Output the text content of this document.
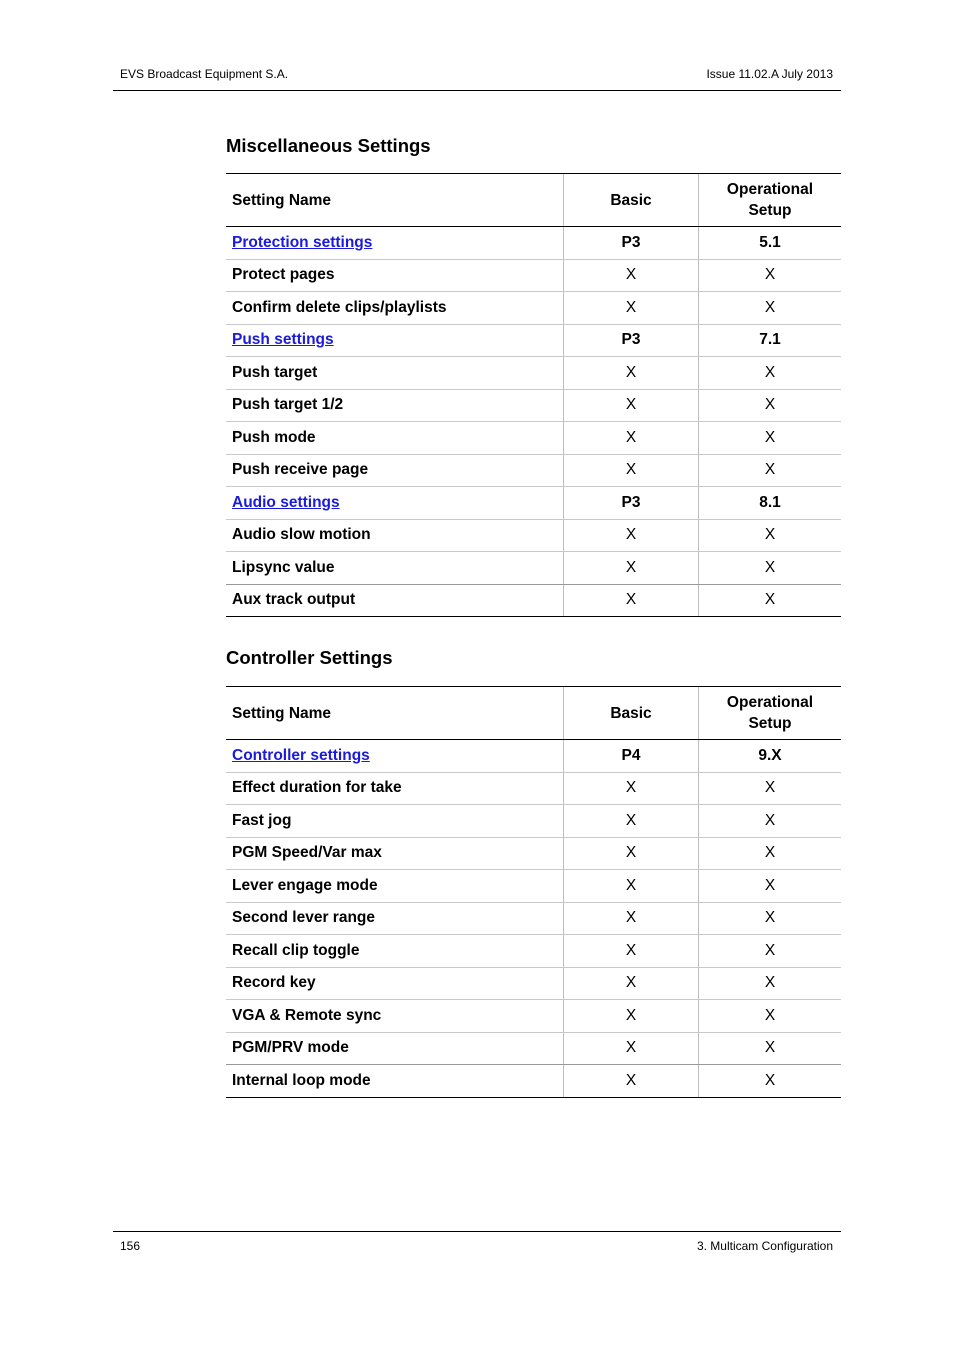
EVS Broadcast Equipment S.A.	Issue 11.02.A July 2013
Miscellaneous Settings
Setting Name	Basic	Operational
Setup
Protection settings	P3	5.1
Protect pages	X	X
Confirm delete clips/playlists	X	X
Push settings	P3	7.1
Push target	X	X
Push target 1/2	X	X
Push mode	X	X
Push receive page	X	X
Audio settings	P3	8.1
Audio slow motion	X	X
Lipsync value	X	X
Aux track output	X	X
Controller Settings
Setting Name	Basic	Operational
Setup
Controller settings	P4	9.X
Effect duration for take	X	X
Fast jog	X	X
PGM Speed/Var max	X	X
Lever engage mode	X	X
Second lever range	X	X
Recall clip toggle	X	X
Record key	X	X
VGA & Remote sync	X	X
PGM/PRV mode	X	X
Internal loop mode	X	X
156	3. Multicam Configuration
